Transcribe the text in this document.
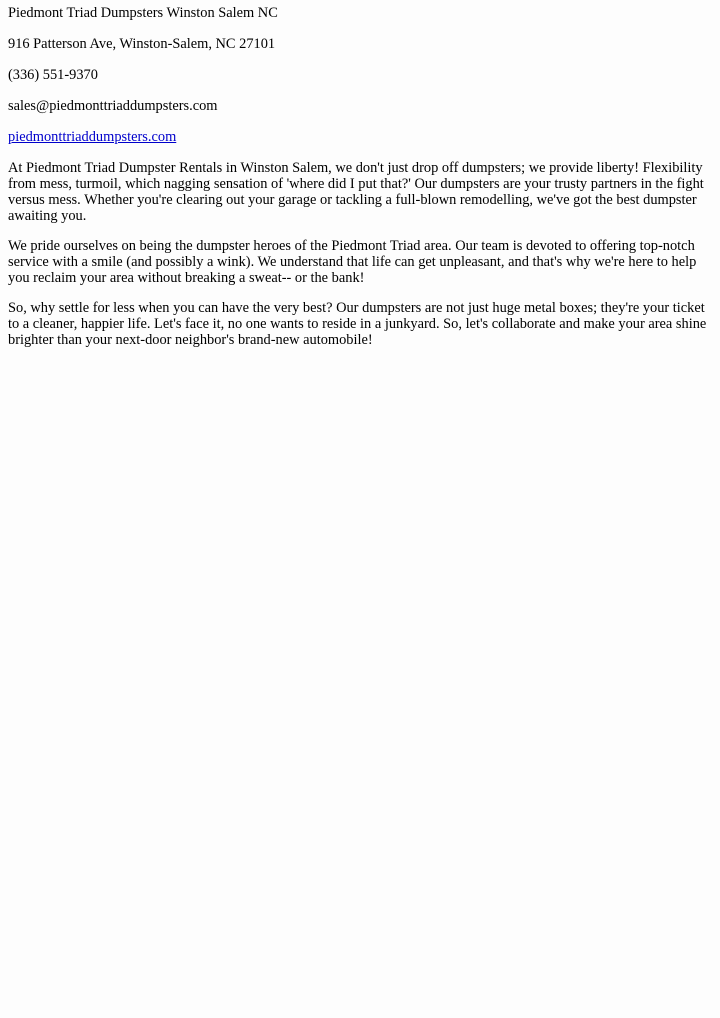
Piedmont Triad Dumpsters Winston Salem NC
916 Patterson Ave, Winston-Salem, NC 27101
(336) 551-9370
sales@piedmonttriaddumpsters.com
piedmonttriaddumpsters.com

At Piedmont Triad Dumpster Rentals in Winston Salem, we don't just drop off dumpsters; we provide liberty! Flexibility from mess, turmoil, which nagging sensation of 'where did I put that?' Our dumpsters are your trusty partners in the fight versus mess. Whether you're clearing out your garage or tackling a full-blown remodelling, we've got the best dumpster awaiting you.

We pride ourselves on being the dumpster heroes of the Piedmont Triad area. Our team is devoted to offering top-notch service with a smile (and possibly a wink). We understand that life can get unpleasant, and that's why we're here to help you reclaim your area without breaking a sweat-- or the bank!

So, why settle for less when you can have the very best? Our dumpsters are not just huge metal boxes; they're your ticket to a cleaner, happier life. Let's face it, no one wants to reside in a junkyard. So, let's collaborate and make your area shine brighter than your next-door neighbor's brand-new automobile!
